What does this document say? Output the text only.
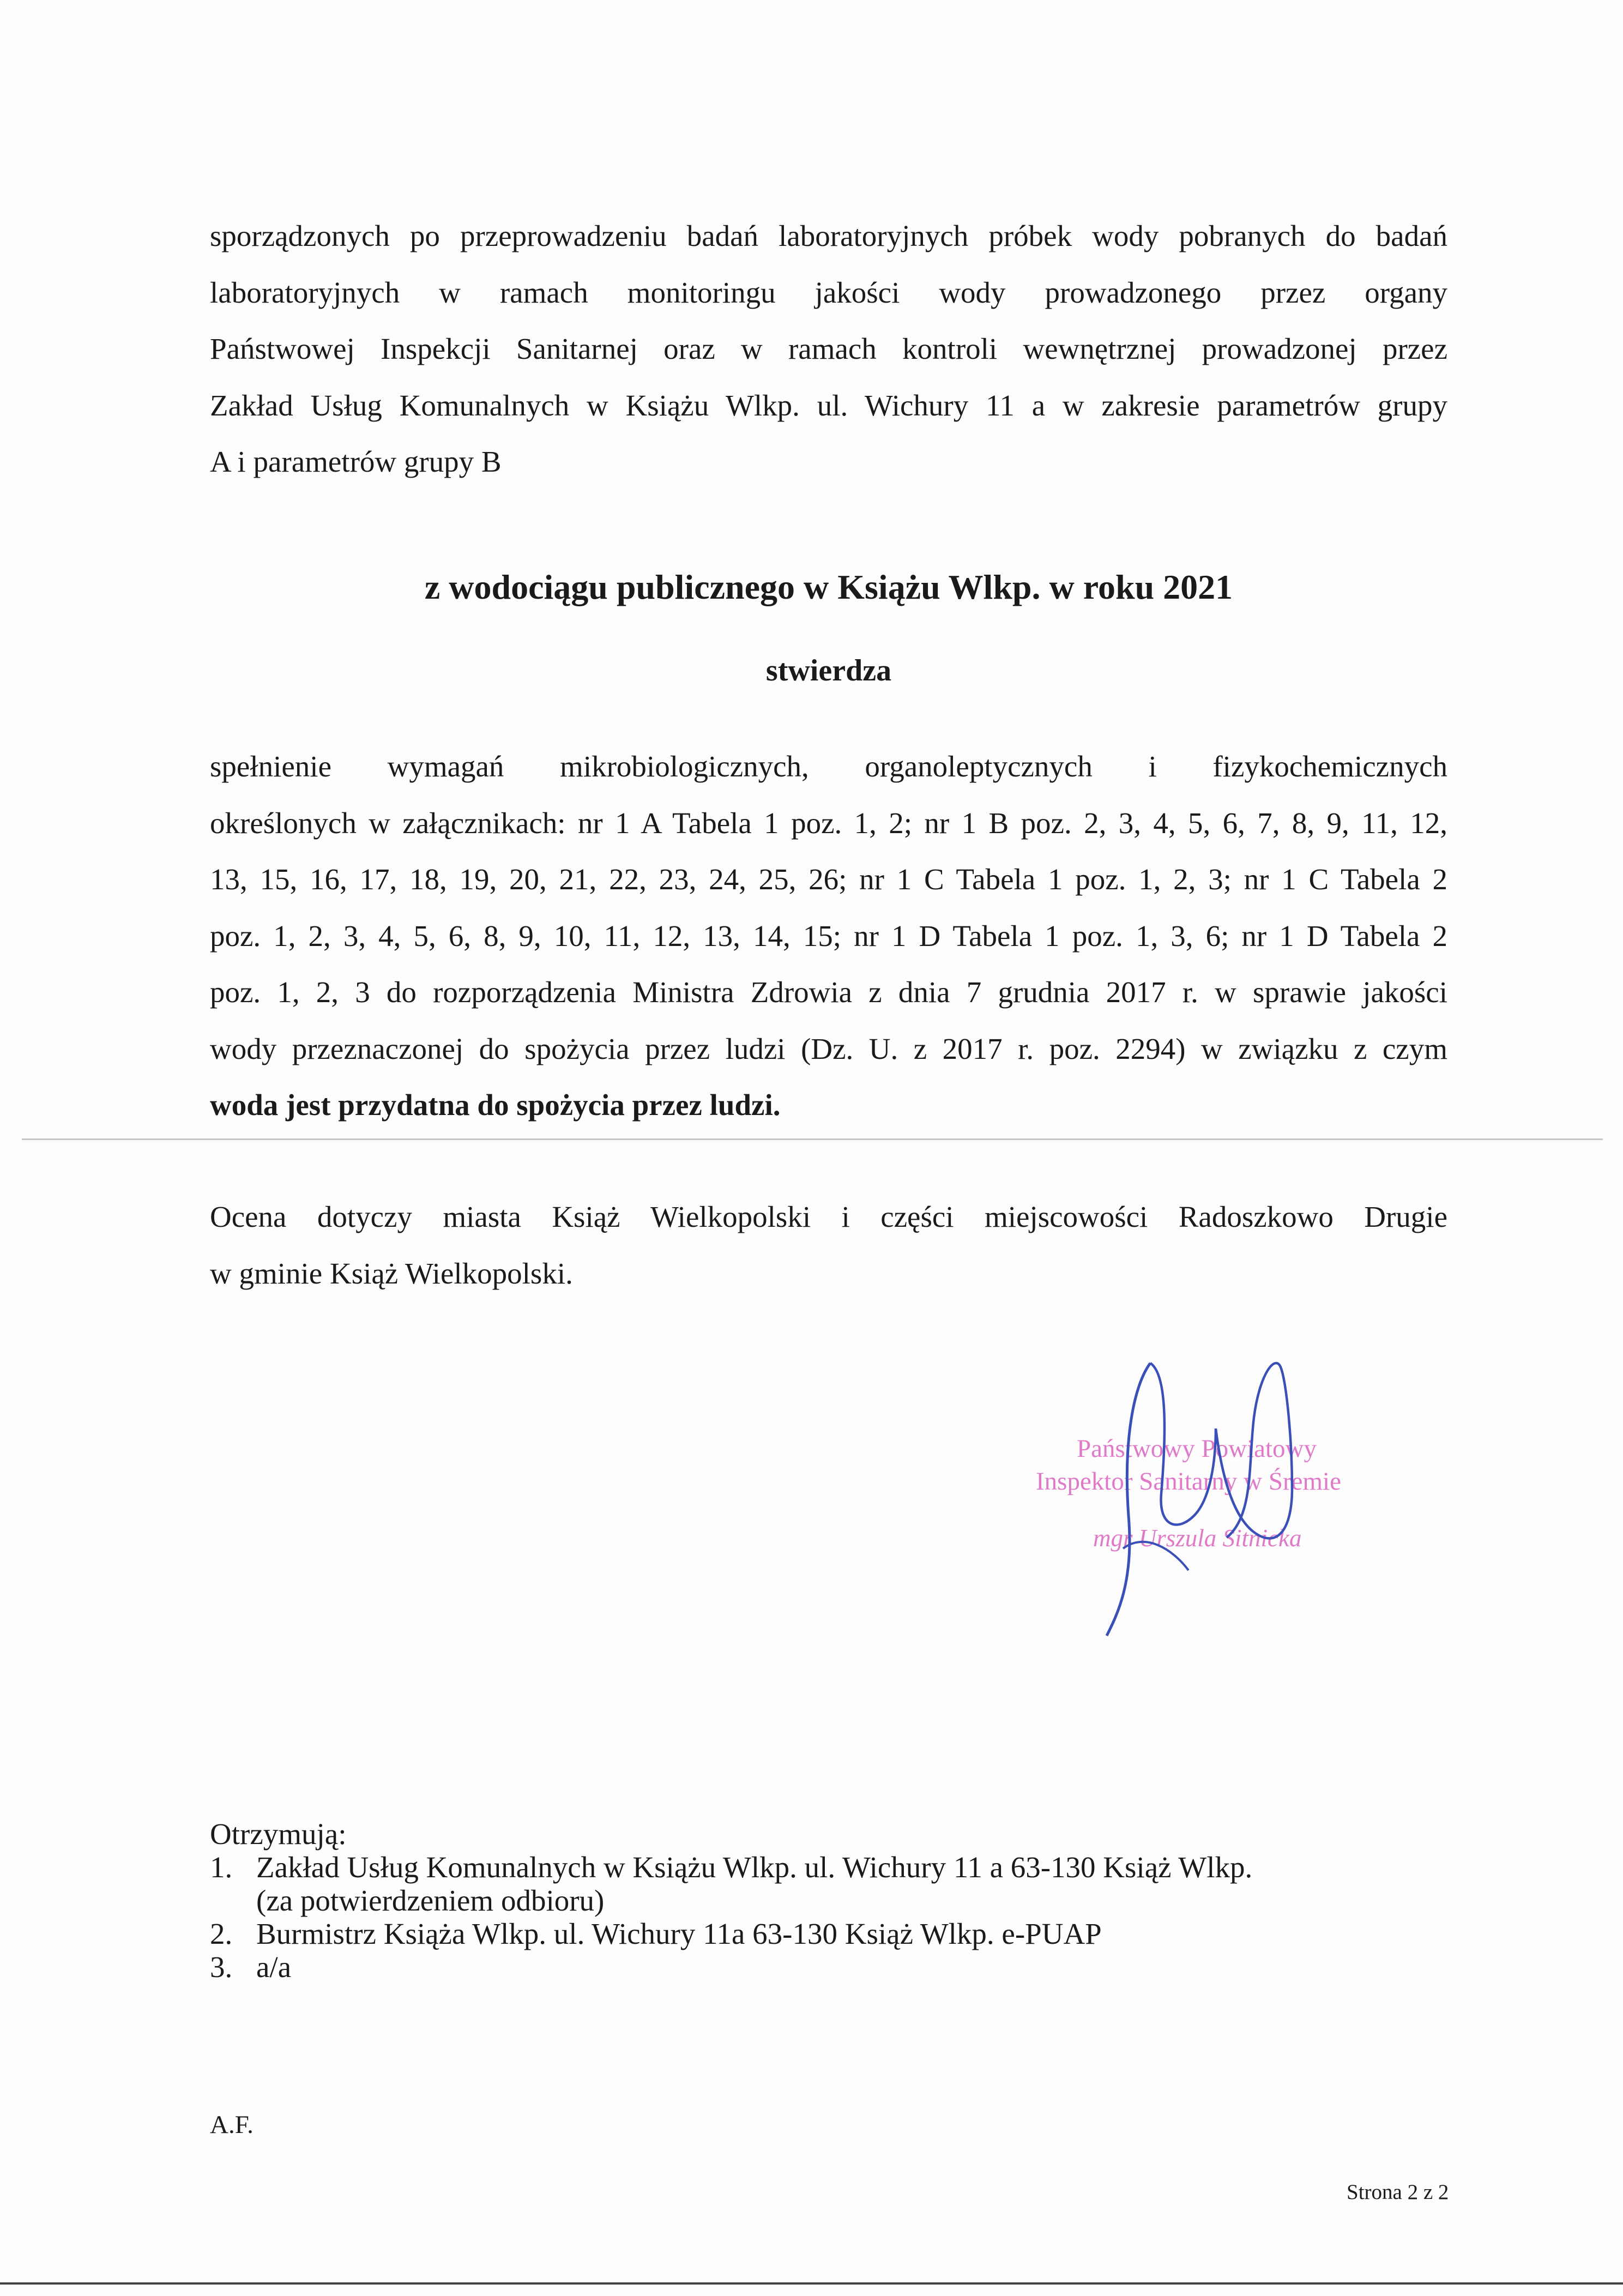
sporządzonych po przeprowadzeniu badań laboratoryjnych próbek wody pobranych do badań
laboratoryjnych w ramach monitoringu jakości wody prowadzonego przez organy
Państwowej Inspekcji Sanitarnej oraz w ramach kontroli wewnętrznej prowadzonej przez
Zakład Usług Komunalnych w Książu Wlkp. ul. Wichury 11 a w zakresie parametrów grupy
A i parametrów grupy B
z wodociągu publicznego w Książu Wlkp. w roku 2021
stwierdza
spełnienie wymagań mikrobiologicznych, organoleptycznych i fizykochemicznych
określonych w załącznikach: nr 1 A Tabela 1 poz. 1, 2; nr 1 B poz. 2, 3, 4, 5, 6, 7, 8, 9, 11, 12,
13, 15, 16, 17, 18, 19, 20, 21, 22, 23, 24, 25, 26; nr 1 C Tabela 1 poz. 1, 2, 3; nr 1 C Tabela 2
poz. 1, 2, 3, 4, 5, 6, 8, 9, 10, 11, 12, 13, 14, 15; nr 1 D Tabela 1 poz. 1, 3, 6; nr 1 D Tabela 2
poz. 1, 2, 3 do rozporządzenia Ministra Zdrowia z dnia 7 grudnia 2017 r. w sprawie jakości
wody przeznaczonej do spożycia przez ludzi (Dz. U. z 2017 r. poz. 2294) w związku z czym
woda jest przydatna do spożycia przez ludzi.
Ocena dotyczy miasta Książ Wielkopolski i części miejscowości Radoszkowo Drugie
w gminie Książ Wielkopolski.
Państwowy Powiatowy
Inspektor Sanitarny w Śremie
mgr Urszula Sitnicka
Otrzymują:
1. Zakład Usług Komunalnych w Książu Wlkp. ul. Wichury 11 a 63-130 Książ Wlkp.
(za potwierdzeniem odbioru)
2. Burmistrz Książa Wlkp. ul. Wichury 11a 63-130 Książ Wlkp. e-PUAP
3. a/a
A.F.
Strona 2 z 2
